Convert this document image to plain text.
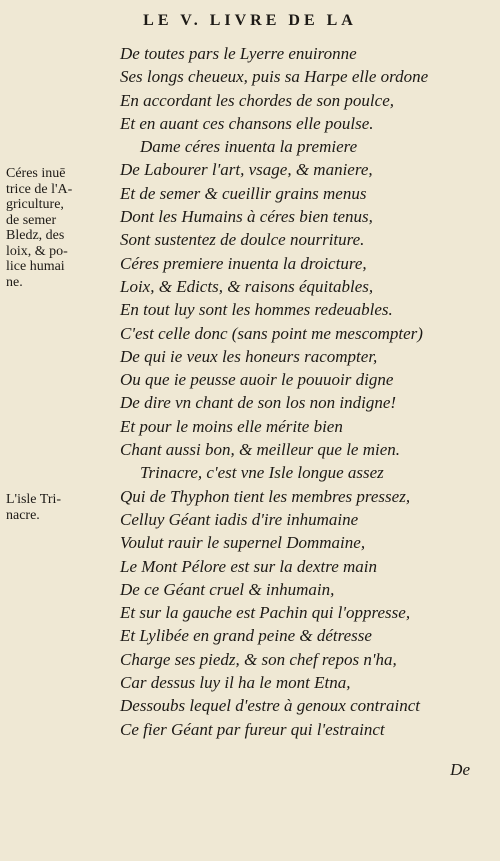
LE V. LIVRE DE LA
De toutes pars le Lyerre enuironne
Ses longs cheueux, puis sa Harpe elle ordone
En accordant les chordes de son poulce,
Et en auant ces chansons elle poulse.
Dame céres inuenta la premiere
De Labourer l'art, vsage, & maniere,
Et de semer & cueillir grains menus
Dont les Humains à céres bien tenus,
Sont sustentez de doulce nourriture.
Céres premiere inuenta la droicture,
Loix, & Edicts, & raisons équitables,
En tout luy sont les hommes redeuables.
C'est celle donc (sans point me mescompter)
De qui ie veux les honeurs racompter,
Ou que ie peusse auoir le pouuoir digne
De dire vn chant de son los non indigne!
Et pour le moins elle mérite bien
Chant aussi bon, & meilleur que le mien.
Trinacre, c'est vne Isle longue assez
Qui de Thyphon tient les membres pressez,
Celluy Géant iadis d'ire inhumaine
Voulut rauir le supernel Dommaine,
Le Mont Pélore est sur la dextre main
De ce Géant cruel & inhumain,
Et sur la gauche est Pachin qui l'oppresse,
Et Lylibée en grand peine & détresse
Charge ses piedz, & son chef repos n'ha,
Car dessus luy il ha le mont Etna,
Dessoubs lequel d'estre à genoux contrainct
Ce fier Géant par fureur qui l'estrainct
Céres inuē
trice de l'A-
griculture,
de semer
Bledz, des
loix, & po-
lice humai
ne.
L'isle Tri-
nacre.
De
